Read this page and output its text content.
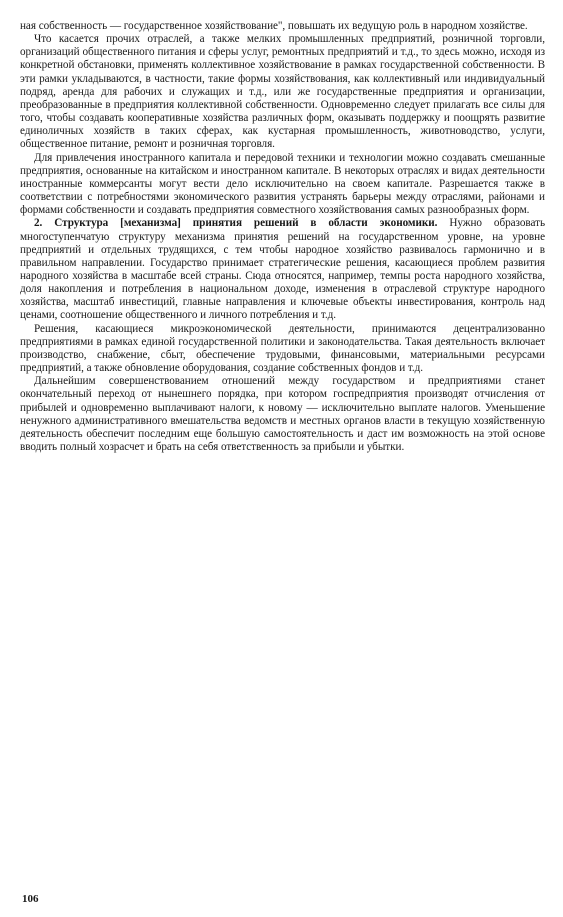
ная собственность — государственное хозяйствование", повышать их ведущую роль в народном хозяйстве.

Что касается прочих отраслей, а также мелких промышленных предприятий, розничной торговли, организаций общественного питания и сферы услуг, ремонтных предприятий и т.д., то здесь можно, исходя из конкретной обстановки, применять коллективное хозяйствование в рамках государственной собственности. В эти рамки укладываются, в частности, такие формы хозяйствования, как коллективный или индивидуальный подряд, аренда для рабочих и служащих и т.д., или же государственные предприятия и организации, преобразованные в предприятия коллективной собственности. Одновременно следует прилагать все силы для того, чтобы создавать кооперативные хозяйства различных форм, оказывать поддержку и поощрять развитие единоличных хозяйств в таких сферах, как кустарная промышленность, животноводство, услуги, общественное питание, ремонт и розничная торговля.

Для привлечения иностранного капитала и передовой техники и технологии можно создавать смешанные предприятия, основанные на китайском и иностранном капитале. В некоторых отраслях и видах деятельности иностранные коммерсанты могут вести дело исключительно на своем капитале. Разрешается также в соответствии с потребностями экономического развития устранять барьеры между отраслями, районами и формами собственности и создавать предприятия совместного хозяйствования самых разнообразных форм.

2. Структура [механизма] принятия решений в области экономики. Нужно образовать многоступенчатую структуру механизма принятия решений на государственном уровне, на уровне предприятий и отдельных трудящихся, с тем чтобы народное хозяйство развивалось гармонично и в правильном направлении. Государство принимает стратегические решения, касающиеся проблем развития народного хозяйства в масштабе всей страны. Сюда относятся, например, темпы роста народного хозяйства, доля накопления и потребления в национальном доходе, изменения в отраслевой структуре народного хозяйства, масштаб инвестиций, главные направления и ключевые объекты инвестирования, контроль над ценами, соотношение общественного и личного потребления и т.д.

Решения, касающиеся микроэкономической деятельности, принимаются децентрализованно предприятиями в рамках единой государственной политики и законодательства. Такая деятельность включает производство, снабжение, сбыт, обеспечение трудовыми, финансовыми, материальными ресурсами предприятий, а также обновление оборудования, создание собственных фондов и т.д.

Дальнейшим совершенствованием отношений между государством и предприятиями станет окончательный переход от нынешнего порядка, при котором госпредприятия производят отчисления от прибылей и одновременно выплачивают налоги, к новому — исключительно выплате налогов. Уменьшение ненужного административного вмешательства ведомств и местных органов власти в текущую хозяйственную деятельность обеспечит последним еще большую самостоятельность и даст им возможность на этой основе вводить полный хозрасчет и брать на себя ответственность за прибыли и убытки.

106
